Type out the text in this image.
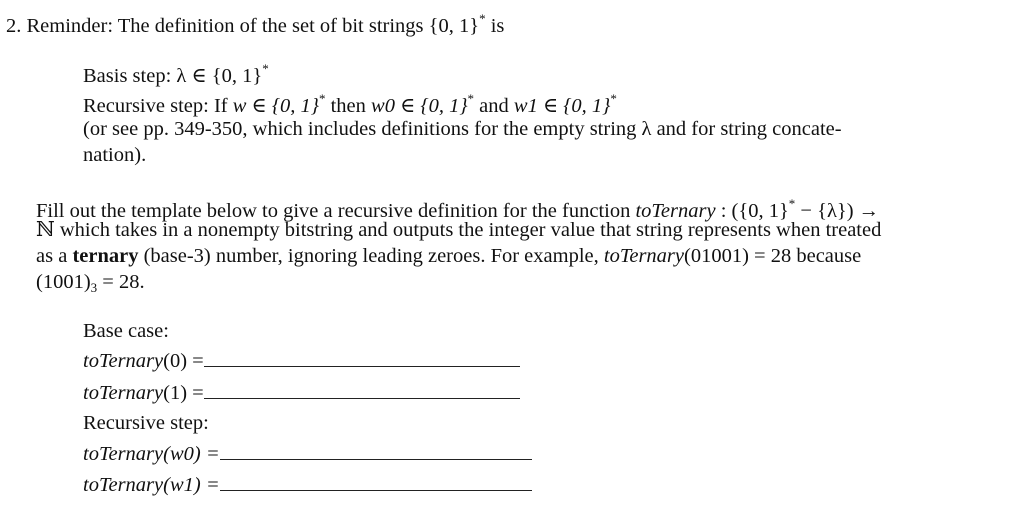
2. Reminder: The definition of the set of bit strings {0, 1}* is
Basis step: λ ∈ {0, 1}*
Recursive step: If w ∈ {0, 1}* then w0 ∈ {0, 1}* and w1 ∈ {0, 1}*
(or see pp. 349-350, which includes definitions for the empty string λ and for string concate-
nation).
Fill out the template below to give a recursive definition for the function toTernary : ({0, 1}* − {λ}) →
ℕ which takes in a nonempty bitstring and outputs the integer value that string represents when treated
as a ternary (base-3) number, ignoring leading zeroes. For example, toTernary(01001) = 28 because
$(1001)_3 = 28$.
Base case:
toTernary(0) =
toTernary(1) =
Recursive step:
toTernary(w0) =
toTernary(w1) =
